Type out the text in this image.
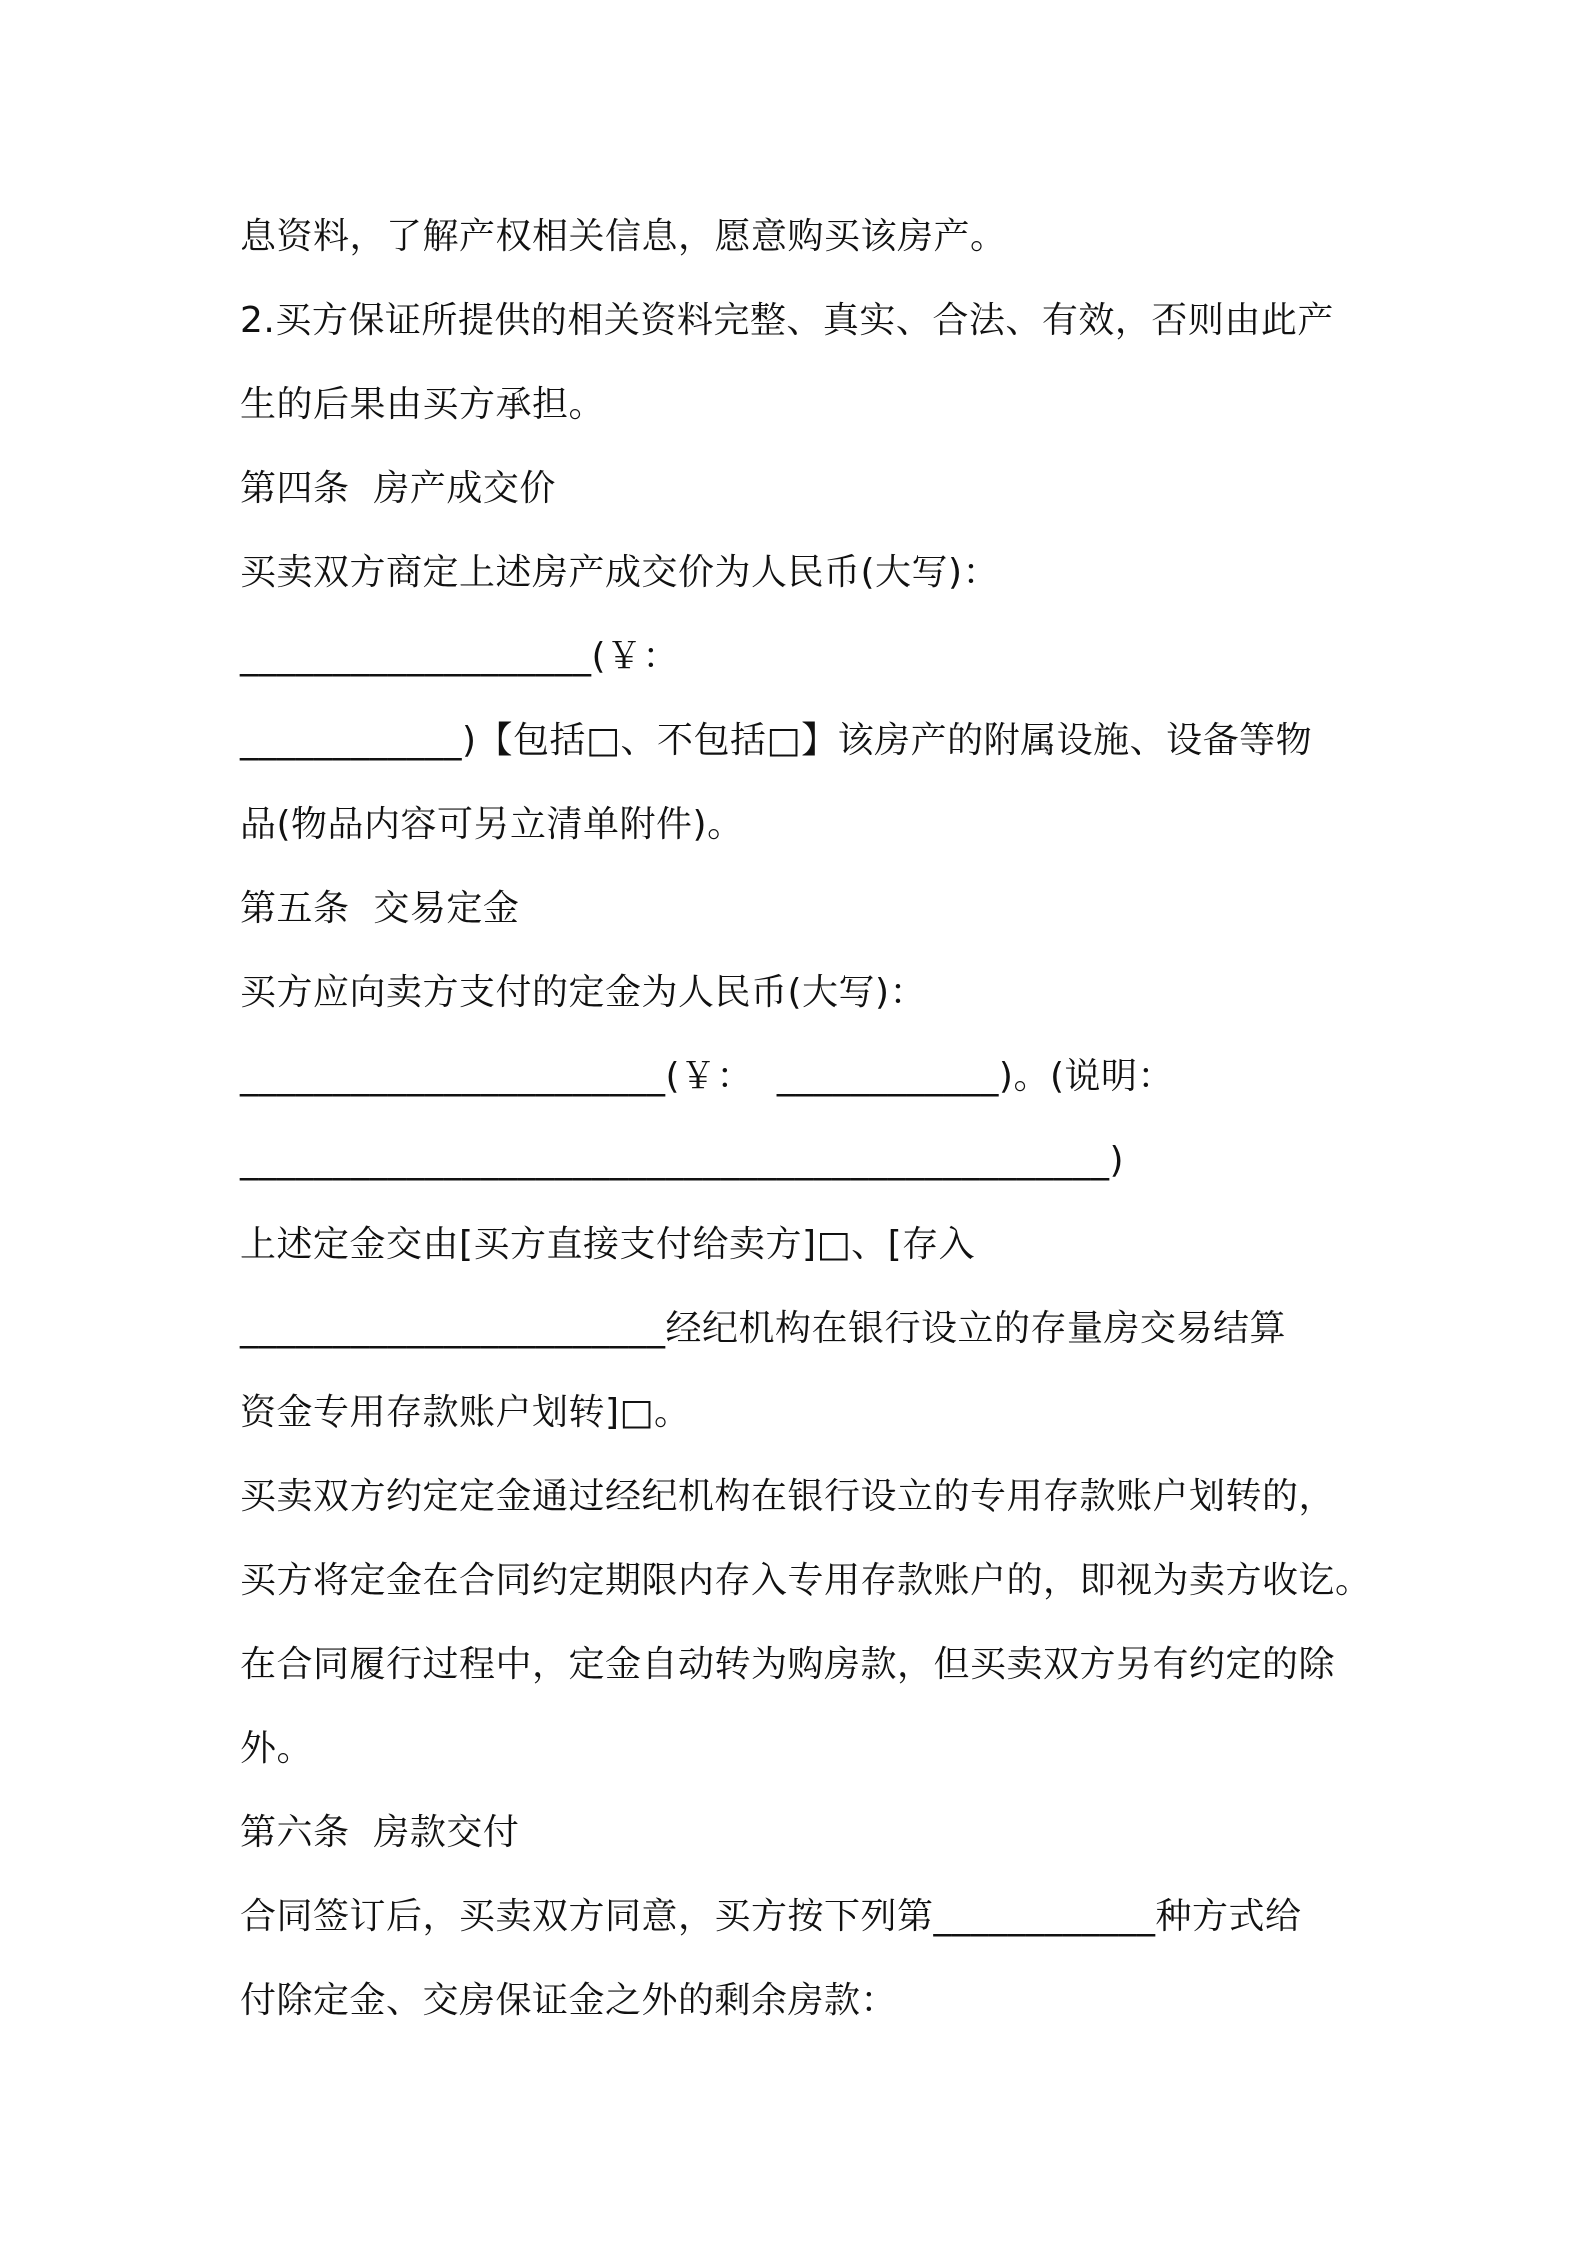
息资料，了解产权相关信息，愿意购买该房产。
2.买方保证所提供的相关资料完整、真实、合法、有效，否则由此产
生的后果由买方承担。
第四条  房产成交价
买卖双方商定上述房产成交价为人民币(大写)：
___________________(￥：
____________)【包括□、不包括□】该房产的附属设施、设备等物
品(物品内容可另立清单附件)。
第五条  交易定金
买方应向卖方支付的定金为人民币(大写)：
_______________________(￥：  ____________)。(说明：
_______________________________________________)
上述定金交由[买方直接支付给卖方]□、[存入
_______________________经纪机构在银行设立的存量房交易结算
资金专用存款账户划转]□。
买卖双方约定定金通过经纪机构在银行设立的专用存款账户划转的，
买方将定金在合同约定期限内存入专用存款账户的，即视为卖方收讫。
在合同履行过程中，定金自动转为购房款，但买卖双方另有约定的除
外。
第六条  房款交付
合同签订后，买卖双方同意，买方按下列第____________种方式给
付除定金、交房保证金之外的剩余房款：
